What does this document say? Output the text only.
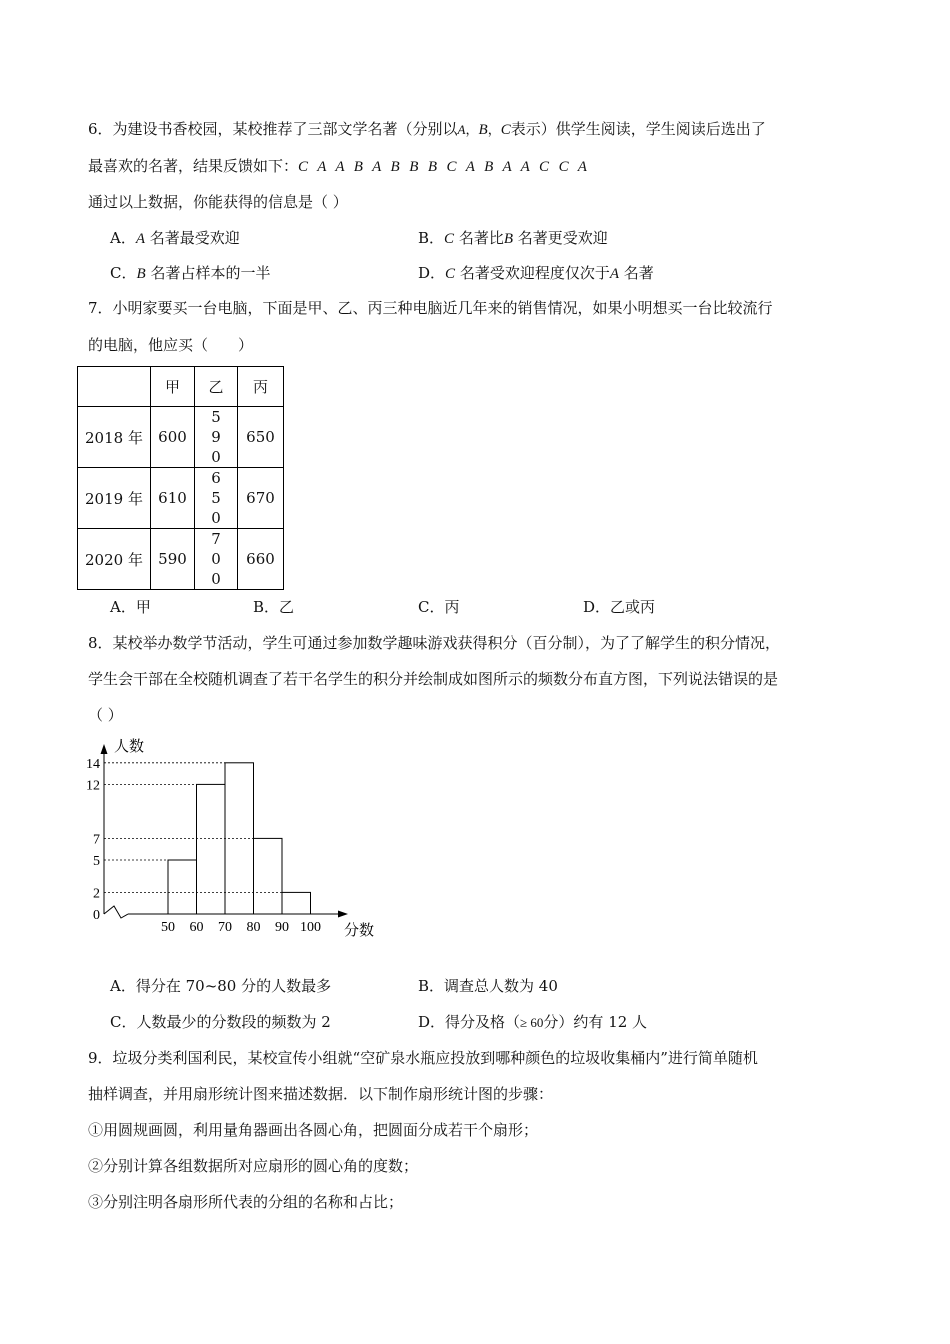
6．为建设书香校园，某校推荐了三部文学名著（分别以A，B，C表示）供学生阅读，学生阅读后选出了
最喜欢的名著，结果反馈如下：C  A  A  B  A  B  B  B  C  A  B  A  A  C  C  A
通过以上数据，你能获得的信息是（ ）
A．A 名著最受欢迎	B．C 名著比B 名著更受欢迎
C．B 名著占样本的一半	D．C 名著受欢迎程度仅次于A 名著
7．小明家要买一台电脑，下面是甲、乙、丙三种电脑近几年来的销售情况，如果小明想买一台比较流行
的电脑，他应买（　　）
	甲	乙	丙
2018 年	600	590	650
2019 年	610	650	670
2020 年	590	700	660
A．甲	B．乙	C．丙	D．乙或丙
8．某校举办数学节活动，学生可通过参加数学趣味游戏获得积分（百分制），为了了解学生的积分情况，
学生会干部在全校随机调查了若干名学生的积分并绘制成如图所示的频数分布直方图，下列说法错误的是
（ ）
人数
分数
0
2
5
7
12
14
50 60 70 80 90 100
A．得分在 70~80 分的人数最多	B．调查总人数为 40
C．人数最少的分数段的频数为 2	D．得分及格（≥ 60分）约有 12 人
9．垃圾分类利国利民，某校宣传小组就“空矿泉水瓶应投放到哪种颜色的垃圾收集桶内”进行简单随机
抽样调查，并用扇形统计图来描述数据．以下制作扇形统计图的步骤：
①用圆规画圆，利用量角器画出各圆心角，把圆面分成若干个扇形；
②分别计算各组数据所对应扇形的圆心角的度数；
③分别注明各扇形所代表的分组的名称和占比；
